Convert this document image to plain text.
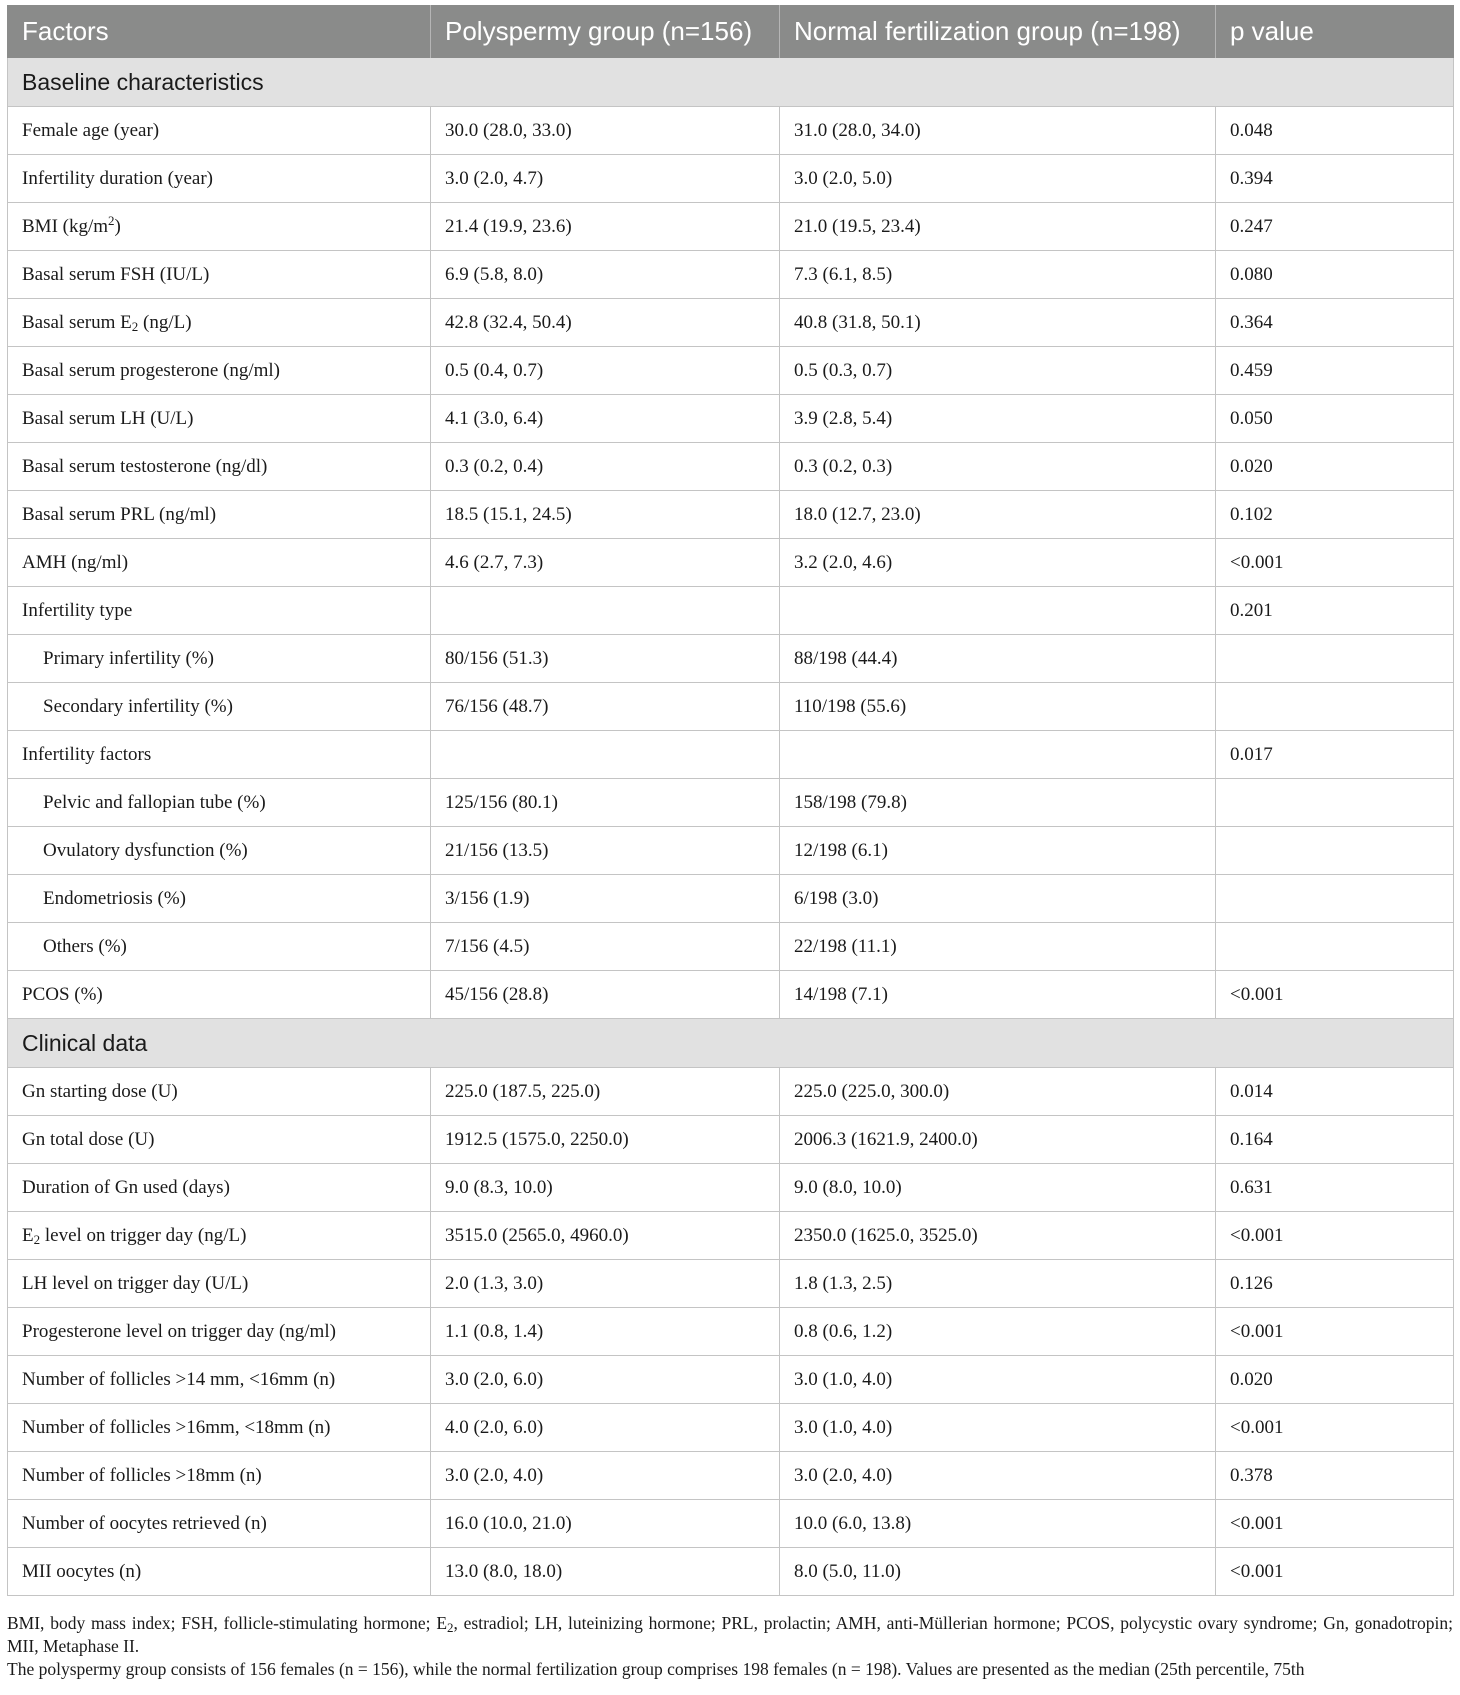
Factors	Polyspermy group (n=156)	Normal fertilization group (n=198)	p value
Baseline characteristics			
Female age (year)	30.0 (28.0, 33.0)	31.0 (28.0, 34.0)	0.048
Infertility duration (year)	3.0 (2.0, 4.7)	3.0 (2.0, 5.0)	0.394
BMI $(kg/m^2)$	21.4 (19.9, 23.6)	21.0 (19.5, 23.4)	0.247
Basal serum FSH (IU/L)	6.9 (5.8, 8.0)	7.3 (6.1, 8.5)	0.080
Basal serum $E_2$ (ng/L)	42.8 (32.4, 50.4)	40.8 (31.8, 50.1)	0.364
Basal serum progesterone (ng/ml)	0.5 (0.4, 0.7)	0.5 (0.3, 0.7)	0.459
Basal serum LH (U/L)	4.1 (3.0, 6.4)	3.9 (2.8, 5.4)	0.050
Basal serum testosterone (ng/dl)	0.3 (0.2, 0.4)	0.3 (0.2, 0.3)	0.020
Basal serum PRL (ng/ml)	18.5 (15.1, 24.5)	18.0 (12.7, 23.0)	0.102
AMH (ng/ml)	4.6 (2.7, 7.3)	3.2 (2.0, 4.6)	<0.001
Infertility type			0.201
Primary infertility (%)	80/156 (51.3)	88/198 (44.4)	
Secondary infertility (%)	76/156 (48.7)	110/198 (55.6)	
Infertility factors			0.017
Pelvic and fallopian tube (%)	125/156 (80.1)	158/198 (79.8)	
Ovulatory dysfunction (%)	21/156 (13.5)	12/198 (6.1)	
Endometriosis (%)	3/156 (1.9)	6/198 (3.0)	
Others (%)	7/156 (4.5)	22/198 (11.1)	
PCOS (%)	45/156 (28.8)	14/198 (7.1)	<0.001
Clinical data			
Gn starting dose (U)	225.0 (187.5, 225.0)	225.0 (225.0, 300.0)	0.014
Gn total dose (U)	1912.5 (1575.0, 2250.0)	2006.3 (1621.9, 2400.0)	0.164
Duration of Gn used (days)	9.0 (8.3, 10.0)	9.0 (8.0, 10.0)	0.631
$E_2$ level on trigger day (ng/L)	3515.0 (2565.0, 4960.0)	2350.0 (1625.0, 3525.0)	<0.001
LH level on trigger day (U/L)	2.0 (1.3, 3.0)	1.8 (1.3, 2.5)	0.126
Progesterone level on trigger day (ng/ml)	1.1 (0.8, 1.4)	0.8 (0.6, 1.2)	<0.001
Number of follicles >14 mm, <16mm (n)	3.0 (2.0, 6.0)	3.0 (1.0, 4.0)	0.020
Number of follicles >16mm, <18mm (n)	4.0 (2.0, 6.0)	3.0 (1.0, 4.0)	<0.001
Number of follicles >18mm (n)	3.0 (2.0, 4.0)	3.0 (2.0, 4.0)	0.378
Number of oocytes retrieved (n)	16.0 (10.0, 21.0)	10.0 (6.0, 13.8)	<0.001
MII oocytes (n)	13.0 (8.0, 18.0)	8.0 (5.0, 11.0)	<0.001

BMI, body mass index; FSH, follicle-stimulating hormone; $E_2$, estradiol; LH, luteinizing hormone; PRL, prolactin; AMH, anti-Müllerian hormone; PCOS, polycystic ovary syndrome; Gn, gonadotropin; MII, Metaphase II.

The polyspermy group consists of 156 females (n = 156), while the normal fertilization group comprises 198 females (n = 198). Values are presented as the median (25th percentile, 75th
